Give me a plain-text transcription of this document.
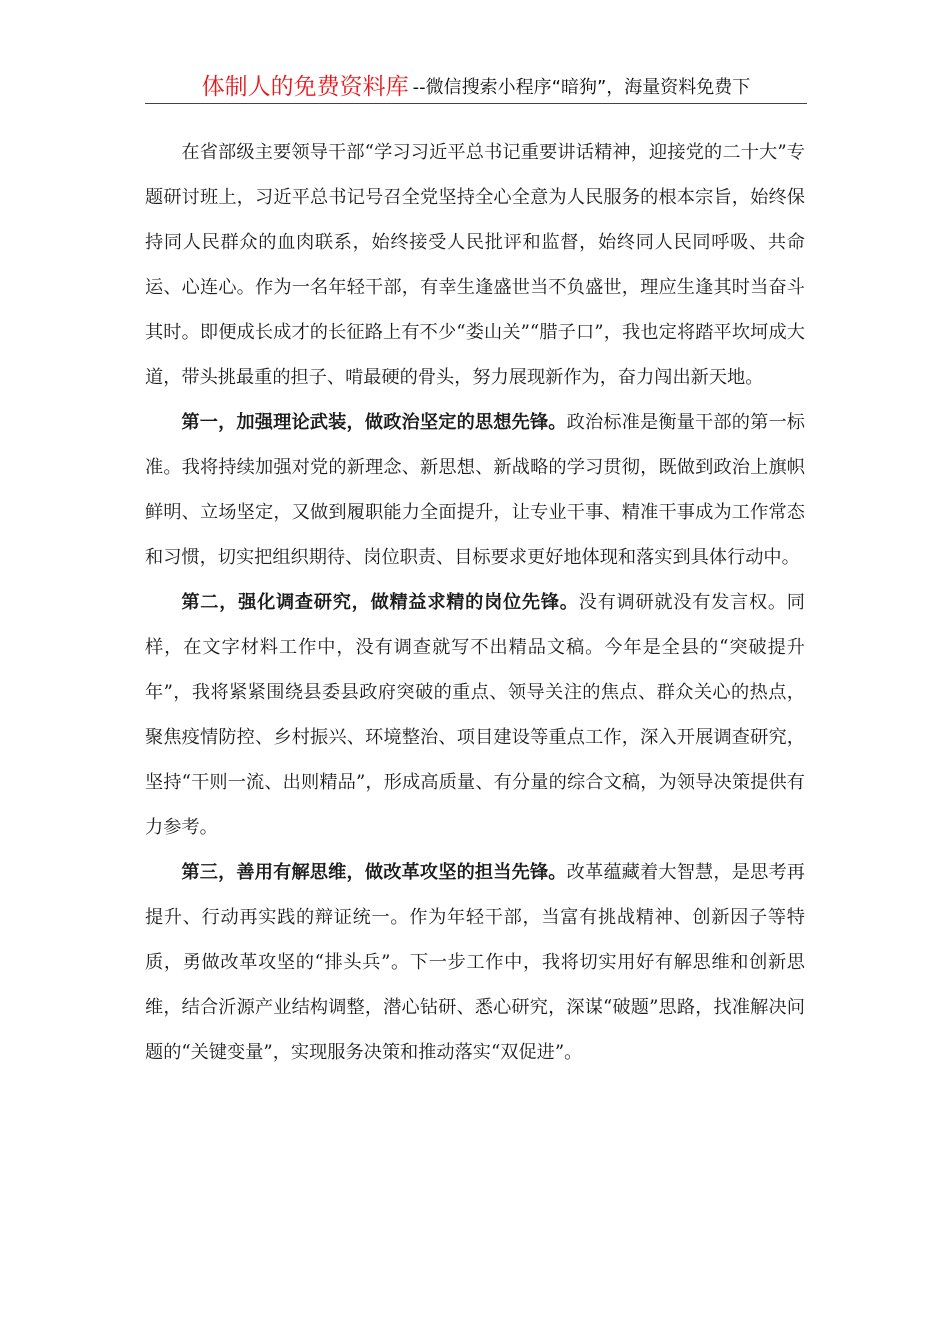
体制人的免费资料库 --微信搜索小程序“暗狗”，海量资料免费下

在省部级主要领导干部“学习习近平总书记重要讲话精神，迎接党的二十大”专题研讨班上，习近平总书记号召全党坚持全心全意为人民服务的根本宗旨，始终保持同人民群众的血肉联系，始终接受人民批评和监督，始终同人民同呼吸、共命运、心连心。作为一名年轻干部，有幸生逢盛世当不负盛世，理应生逢其时当奋斗其时。即便成长成才的长征路上有不少“娄山关”“腊子口”，我也定将踏平坎坷成大道，带头挑最重的担子、啃最硬的骨头，努力展现新作为，奋力闯出新天地。

第一，加强理论武装，做政治坚定的思想先锋。政治标准是衡量干部的第一标准。我将持续加强对党的新理念、新思想、新战略的学习贯彻，既做到政治上旗帜鲜明、立场坚定，又做到履职能力全面提升，让专业干事、精准干事成为工作常态和习惯，切实把组织期待、岗位职责、目标要求更好地体现和落实到具体行动中。

第二，强化调查研究，做精益求精的岗位先锋。没有调研就没有发言权。同样，在文字材料工作中，没有调查就写不出精品文稿。今年是全县的“突破提升年”，我将紧紧围绕县委县政府突破的重点、领导关注的焦点、群众关心的热点，聚焦疫情防控、乡村振兴、环境整治、项目建设等重点工作，深入开展调查研究，坚持“干则一流、出则精品”，形成高质量、有分量的综合文稿，为领导决策提供有力参考。

第三，善用有解思维，做改革攻坚的担当先锋。改革蕴藏着大智慧，是思考再提升、行动再实践的辩证统一。作为年轻干部，当富有挑战精神、创新因子等特质，勇做改革攻坚的“排头兵”。下一步工作中，我将切实用好有解思维和创新思维，结合沂源产业结构调整，潜心钻研、悉心研究，深谋“破题”思路，找准解决问题的“关键变量”，实现服务决策和推动落实“双促进”。
